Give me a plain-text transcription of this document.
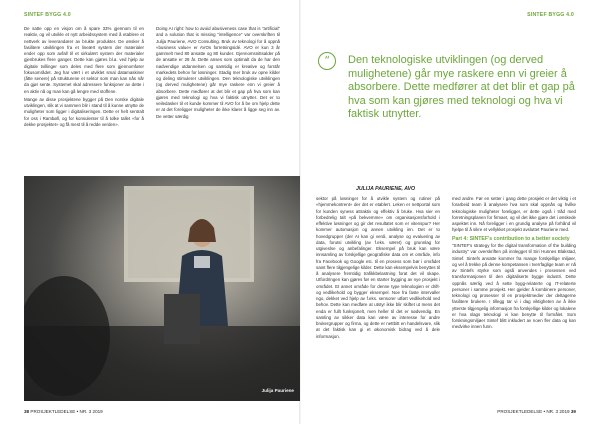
SINTEF BYGG 4.0

De satte opp en visjon om å spare 33% gjennom til en reaktiv, og vil utvikle et nytt arbeidssystem med å etablere et nettverk av leverandører av brukte produkter. De ønsker å fasilitere utviklingen fra et lineært system der materialer ender opp som avfall til et sirkulært system der materialer gjenbrukes flere ganger. Dette kan gjøres bl.a. ved hjelp av digitale tvillinger som deles med flere som gjennomfører fokusområdet. Jeg har vært i et utviklet smal datamaskiner (åtte senere) på strukturene et sektor som man kan nås når da gjør sente. Systemet skal adressere funksjoner av dette i en aktiv nå og man kan gå lengre med stoffene.

Mange av disse prosjektene bygger på Den norske digitale utviklingen, slik at vi sammen blir i stand til å kunne utnytte de muligheter som ligger i digitaliseringen. Dette er helt sentralt for oss i Rambøll, og for konsulenter til å tolke tallet «for å dekke prosjektet» og få mest til å redde verden».

Doing AI right: how to avoid abusiveness case that is "artificial" and a solution that is missing "intelligence" var overskriften til Julija Pauriene, AVO Consulting. Bruk av teknologi for å oppnå «business value» er AVOs forretningsidé. AVO er kun 3 år gammelt med 80 ansatte og 80 kunder. Gjennomsnittsalder på de ansatte er 28 år. Dette anses som optimalt da de har den nødvendige utdannelsen og samtidig er kreative og forstår markedets behov for løsninger. Stadig mer bruk av opne kilder og deling stimulerer utviklingen. Den teknologiske utviklingen (og derved mulighetene) går mye raskere enn vi greier å absorbere. Dette medfører at det blir et gap på hva som kan gjøres med teknologi og hva vi faktisk utnytter. Det er to veiledasker til et kunde kommer til AVO for å be om hjelp dette er at det foreligger muligheter de ikke klarer å ligge seg inn av. De vetter særdig

Julija Pauriene
38 PROSJEKTLEDELSE • NR. 3 2019
SINTEF BYGG 4.0
“	Den teknologiske utviklingen (og derved mulighetene) går mye raskere enn vi greier å absorbere. Dette medfører at det blir et gap på hva som kan gjøres med teknologi og hva vi faktisk utnytter.
JULIJA PAURIENE, AVO

sektor på løsninger for å utvikle system og rutiner på «hjemmekontrent» der det er etablert. Leken er nettportal som for kunden syness attraktiv og effektiv å bruke. Hva sier en forbedrelig talt «på bekvemme» om organisasjonsforhold i effektive løsninger og gir det resultatet som er vitenspur? Her kommer automasjon og annen utvikling inn. Det er to hovedgrupper (der AI kan gi verdi, analyse og evaluering av data, forutsi utvikling (av f.eks. været) og grunnlag for utgiveslse og anbefalinger. Eksempel på bruk kan være innsamling av forskjellige geografiske data om et område, info fra Facebook og Google etc. til en prosess som bør i området samt flere tilgjengelige kilder. Dette kan eksempelvis benyttes til å analysere fremtidig trafikkbelastning forat det vil skape. Utfordringen kan gjøres før en starter bygging av nye prosjekt i området. Et annet område for denne type teknologien er drift- og vedlikehold og bygger eksempel. Noe fra faste intervaller ngo, dekket ved hjelp av f.eks. sensorer utført vedlikehold ved behov. Dette kan medføre at utstyr ikke blir skiftet ut mens det enda er fullt funksjonelt, men heller til det er nødvendig. En samling av sikker data kan være av interesse for andre brukergrupper og firma, og dette er nettbitt en handelsvare, slik at det faktisk kan gi et økonomisk bidrag ved å dele informasjon.

med andre. Før en setter i gang dette prosjekt er det viktig i et forarbeid team å analysere hva som skal oppnås og hvilke teknologiske muligheter foreligger, er dette også i tråd med forretningsplanen for firmaet, og vil det ikke gjøre det i ønskede aspektet inn. Nå foreligger i en grundig analyse på forhånd vil hjelpe til å sikre et vellykket prosjekt avsluttet Pauriene med.

Part 4: SINTEF's contribution to a better society

"SINTEF's strategy for the digital transformation of the building industry" var overskriften på innlegget til Siri Hunnes Blakstad, Sintef. Sintefs ansatte kommer fra mange forskjellige miljøer, og vel å trekke på denne kompetansen i tverrfaglige team er nå av Sintefs styrke som også anvendes i prosessen ved transformasjonen til den digitaliserte bygge industri. Dette oppnås særlig ved å sette bygg-relaterte og IT-relaterte personer i samme prosjekt. Her gjelder å kombinere personer, teknologi og prosesser til en prosjektmedier der deltagerne fasilitere brukere. I tillegg tar vi i dag viktigheten av å ikke ytterste tilgjengelig informasjon fra forskjellige kilder og lokalene er hva slags teknologi vi kan benytte til formålet. Som forskningsmiljøer Sintef blitt inkludert av noen fler data og kan medvirke innen funn.

PROSJEKTLEDELSE • NR. 3 2019 39
